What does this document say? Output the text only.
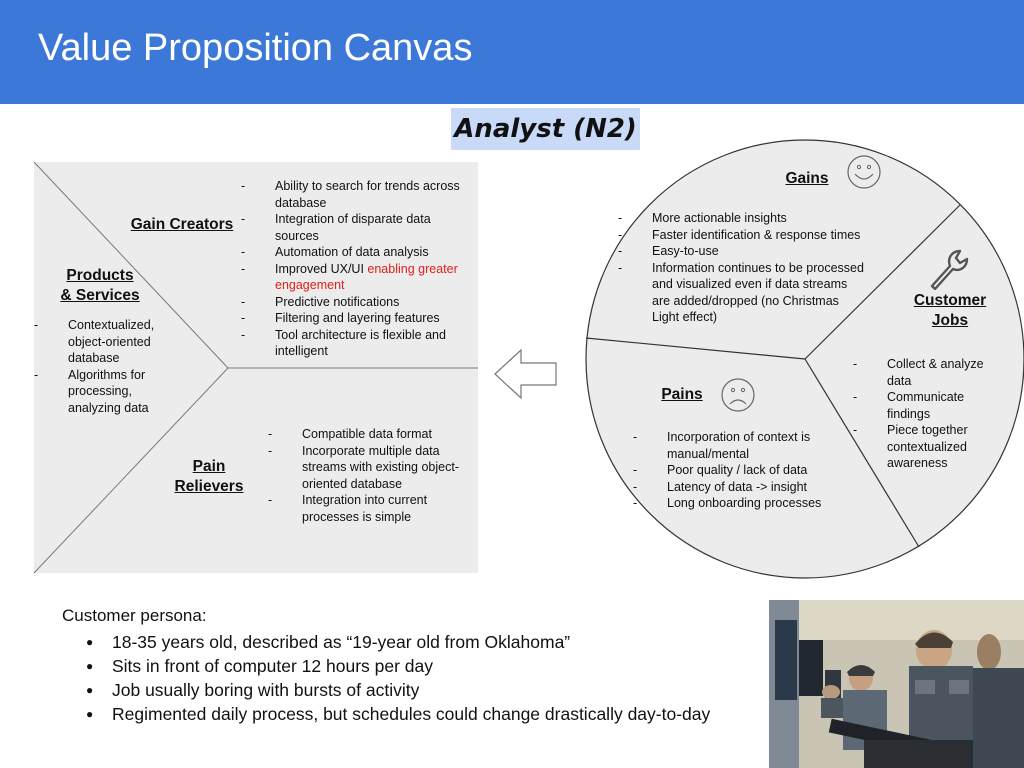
Value Proposition Canvas
Analyst (N2)
Gain Creators
- Ability to search for trends across database
- Integration of disparate data sources
- Automation of data analysis
- Improved UX/UI enabling greater engagement
- Predictive notifications
- Filtering and layering features
- Tool architecture is flexible and intelligent
Products
& Services
- Contextualized, object-oriented database
- Algorithms for processing, analyzing data
Pain
Relievers
- Compatible data format
- Incorporate multiple data streams with existing object-oriented database
- Integration into current processes is simple
Gains
- More actionable insights
- Faster identification & response times
- Easy-to-use
- Information continues to be processed and visualized even if data streams are added/dropped (no Christmas Light effect)
Customer
Jobs
- Collect & analyze data
- Communicate findings
- Piece together contextualized awareness
Pains
- Incorporation of context is manual/mental
- Poor quality / lack of data
- Latency of data -> insight
- Long onboarding processes
Customer persona:
● 18-35 years old, described as “19-year old from Oklahoma”
● Sits in front of computer 12 hours per day
● Job usually boring with bursts of activity
● Regimented daily process, but schedules could change drastically day-to-day
